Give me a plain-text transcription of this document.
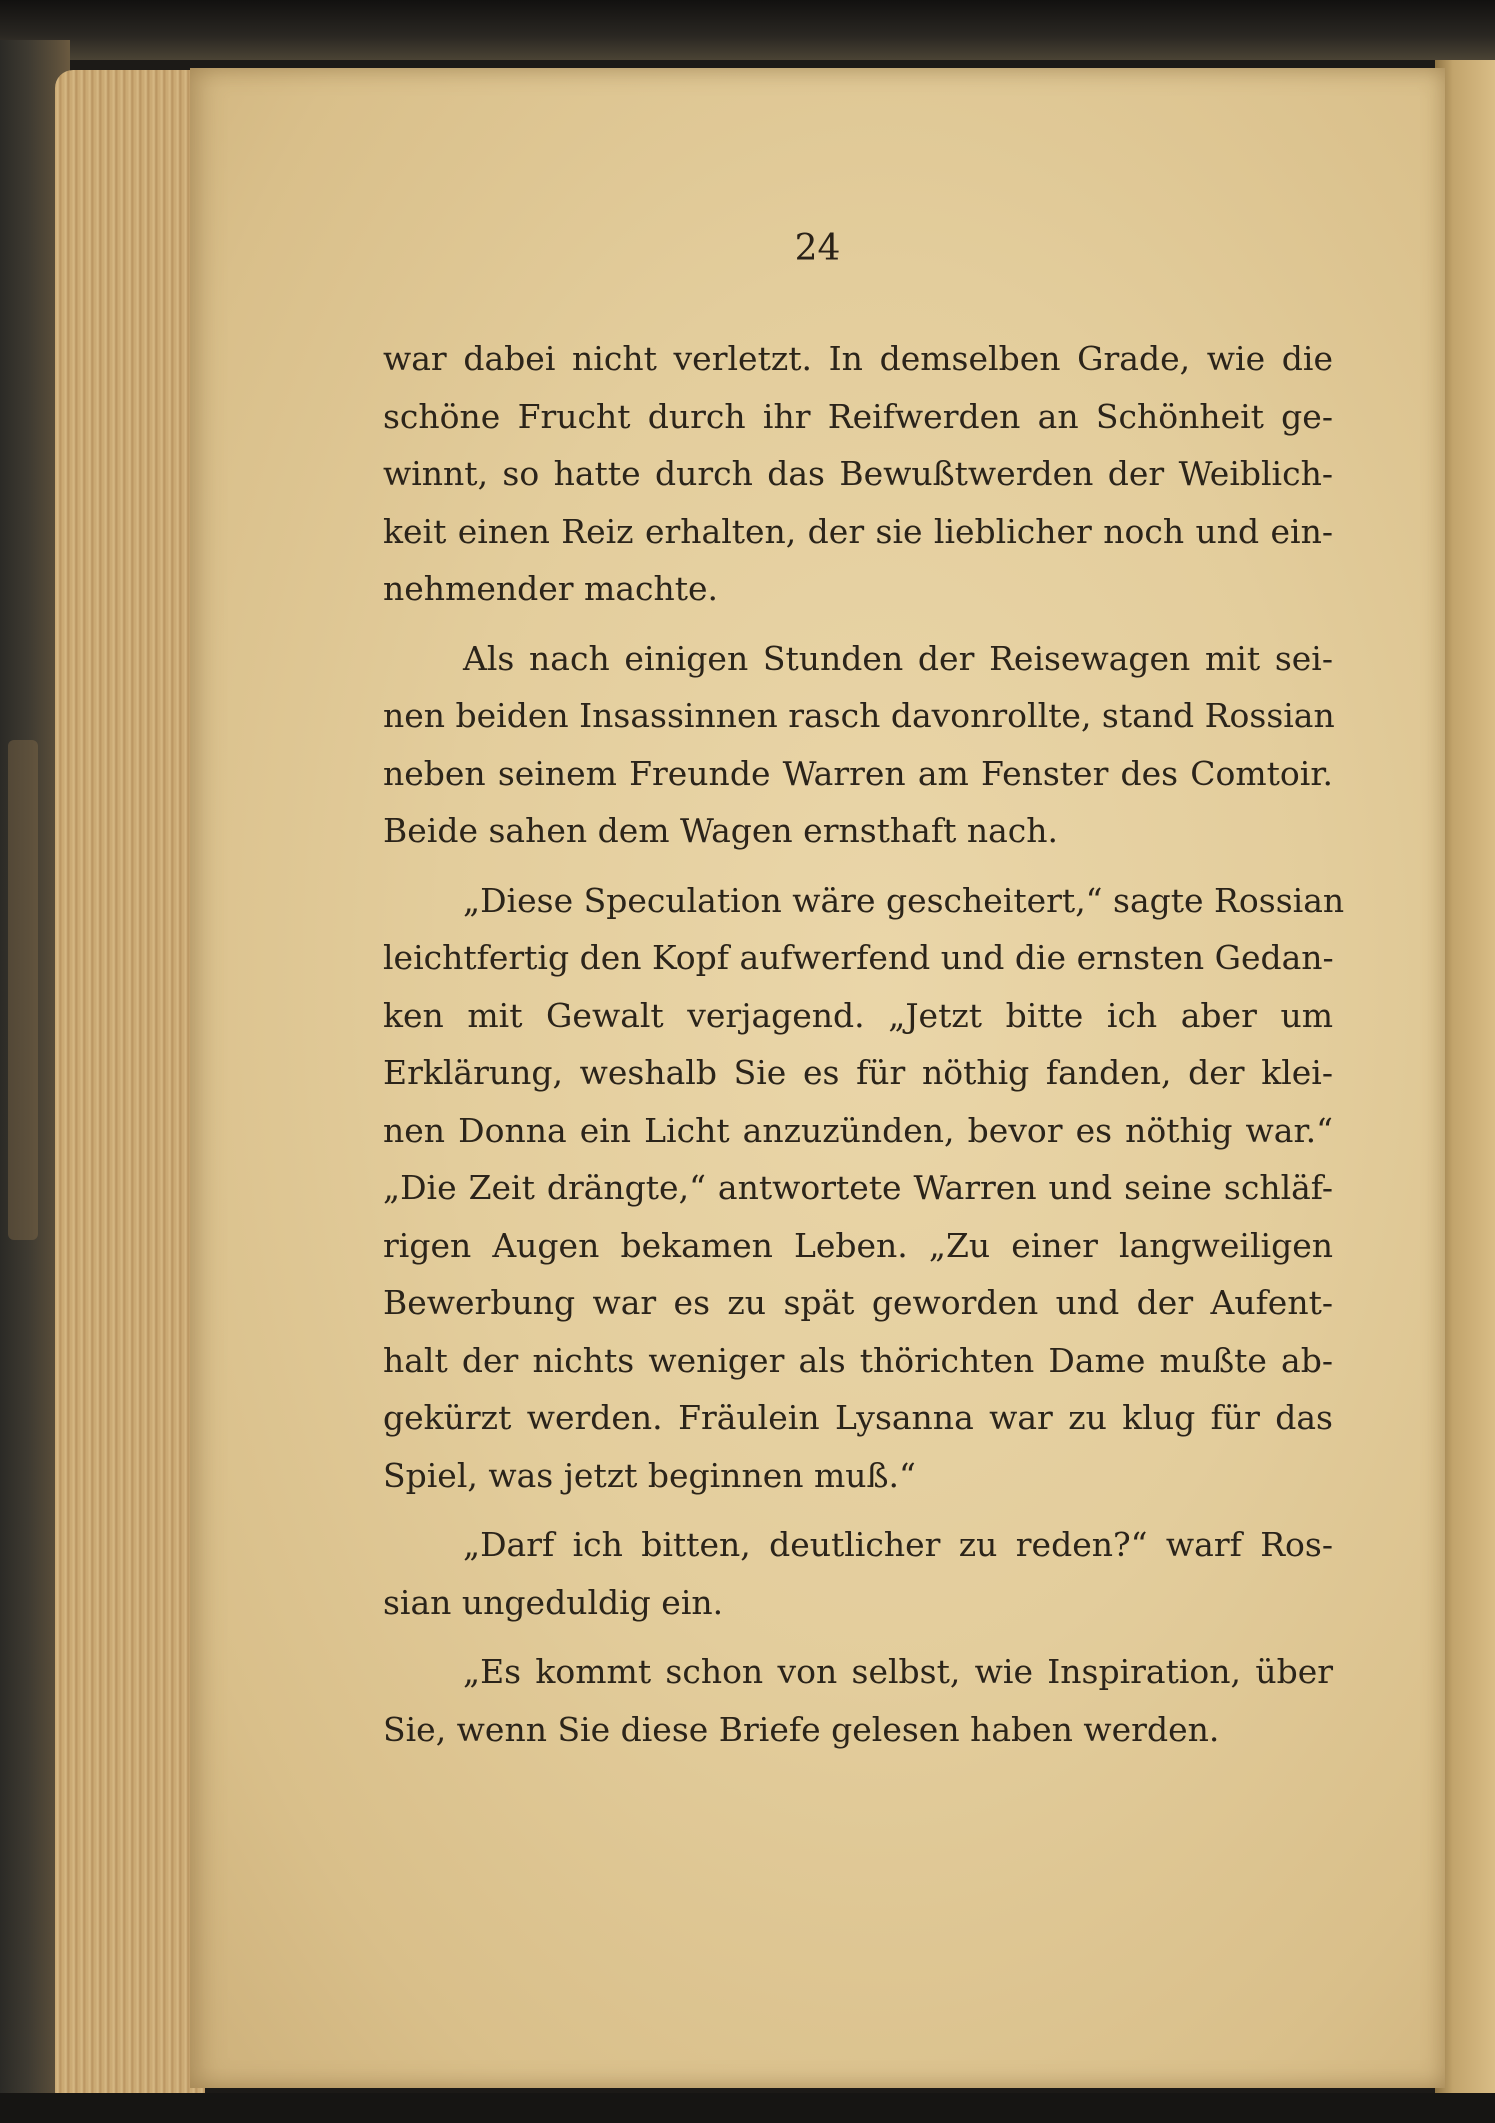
24

war dabei nicht verletzt. In demselben Grade, wie die
schöne Frucht durch ihr Reifwerden an Schönheit ge-
winnt, so hatte durch das Bewußtwerden der Weiblich-
keit einen Reiz erhalten, der sie lieblicher noch und ein-
nehmender machte.
Als nach einigen Stunden der Reisewagen mit sei-
nen beiden Insassinnen rasch davonrollte, stand Rossian
neben seinem Freunde Warren am Fenster des Comtoir.
Beide sahen dem Wagen ernsthaft nach.
„Diese Speculation wäre gescheitert,“ sagte Rossian
leichtfertig den Kopf aufwerfend und die ernsten Gedan-
ken mit Gewalt verjagend. „Jetzt bitte ich aber um
Erklärung, weshalb Sie es für nöthig fanden, der klei-
nen Donna ein Licht anzuzünden, bevor es nöthig war.“
„Die Zeit drängte,“ antwortete Warren und seine schläf-
rigen Augen bekamen Leben. „Zu einer langweiligen
Bewerbung war es zu spät geworden und der Aufent-
halt der nichts weniger als thörichten Dame mußte ab-
gekürzt werden. Fräulein Lysanna war zu klug für das
Spiel, was jetzt beginnen muß.“
„Darf ich bitten, deutlicher zu reden?“ warf Ros-
sian ungeduldig ein.
„Es kommt schon von selbst, wie Inspiration, über
Sie, wenn Sie diese Briefe gelesen haben werden.
